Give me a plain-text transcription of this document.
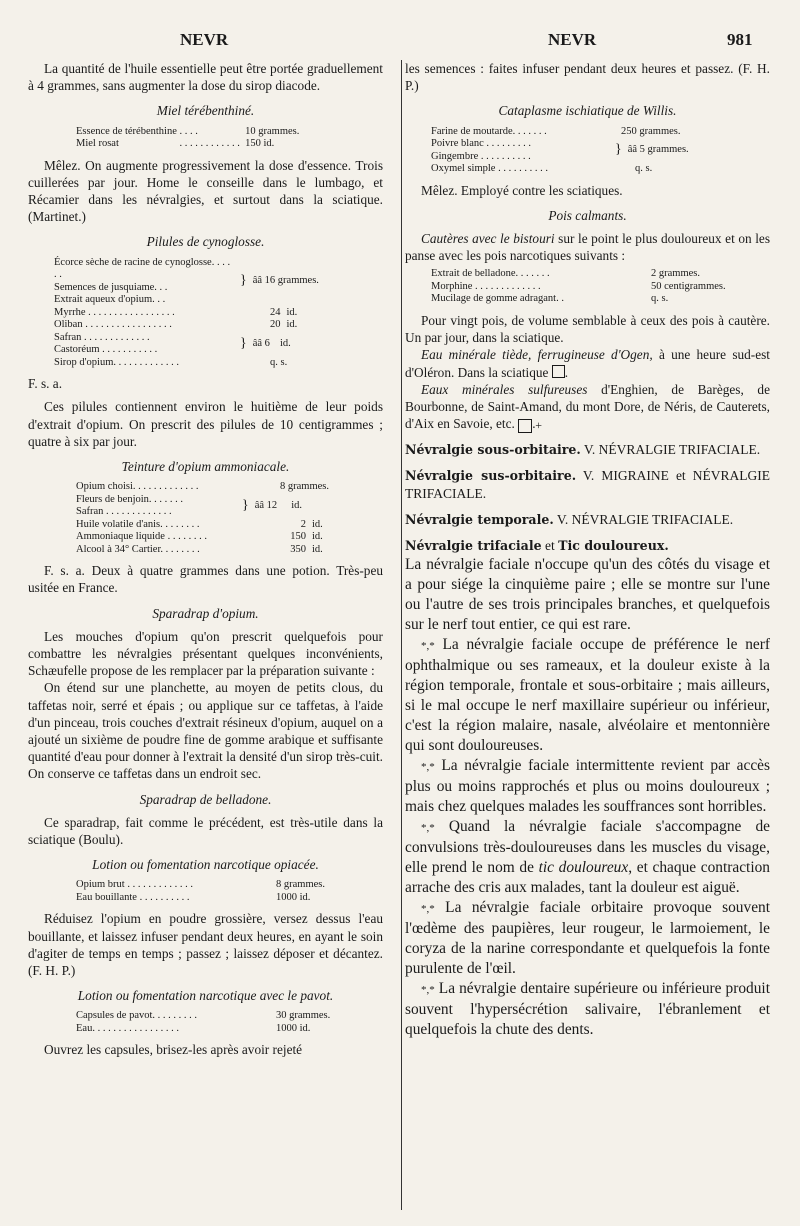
NEVR	NEVR	981

La quantité de l'huile essentielle peut être portée graduellement à 4 grammes, sans augmenter la dose du sirop diacode.

Miel térébenthiné.
Essence de térébenthine		. . . .		10 grammes.
Miel rosat		. . . . . . . . . . . .		150 id.

Mêlez. On augmente progressivement la dose d'essence. Trois cuillerées par jour. Home le conseille dans le lumbago, et Récamier dans les névralgies, et surtout dans la sciatique. (Martinet.)

Pilules de cynoglosse.
Écorce sèche de racine de cynoglosse. . . . . .
Semences de jusquiame. . .
Extrait aqueux d'opium. . .
	}	ââ 16 grammes.
Myrrhe . . . . . . . . . . . . . . . . .	24	id.
Oliban . . . . . . . . . . . . . . . . .	20	id.
Safran . . . . . . . . . . . . .
Castoréum . . . . . . . . . . .	}	ââ 6	id.
Sirop d'opium. . . . . . . . . . . . .	q. s.

F. s. a.

Ces pilules contiennent environ le huitième de leur poids d'extrait d'opium. On prescrit des pilules de 10 centigrammes ; quatre à six par jour.

Teinture d'opium ammoniacale.
Opium choisi. . . . . . . . . . . . .	8 grammes.
Fleurs de benjoin. . . . . . .
Safran . . . . . . . . . . . . .	}	ââ 12	id.
Huile volatile d'anis. . . . . . . .	2	id.
Ammoniaque liquide . . . . . . . .	150	id.
Alcool à 34° Cartier. . . . . . . .	350	id.

F. s. a. Deux à quatre grammes dans une potion. Très-peu usitée en France.

Sparadrap d'opium.

Les mouches d'opium qu'on prescrit quelquefois pour combattre les névralgies présentant quelques inconvénients, Schæufelle propose de les remplacer par la préparation suivante :

On étend sur une planchette, au moyen de petits clous, du taffetas noir, serré et épais ; ou applique sur ce taffetas, à l'aide d'un pinceau, trois couches d'extrait résineux d'opium, auquel on a ajouté un sixième de poudre fine de gomme arabique et suffisante quantité d'eau pour donner à l'extrait la densité d'un sirop très-cuit. On conserve ce taffetas dans un endroit sec.

Sparadrap de belladone.

Ce sparadrap, fait comme le précédent, est très-utile dans la sciatique (Boulu).

Lotion ou fomentation narcotique opiacée.
Opium brut . . . . . . . . . . . . .	8 grammes.
Eau bouillante . . . . . . . . . .	1000 id.

Réduisez l'opium en poudre grossière, versez dessus l'eau bouillante, et laissez infuser pendant deux heures, en ayant le soin d'agiter de temps en temps ; passez ; laissez déposer et décantez. (F. H. P.)

Lotion ou fomentation narcotique avec le pavot.
Capsules de pavot. . . . . . . . .	30 grammes.
Eau. . . . . . . . . . . . . . . . .	1000 id.

Ouvrez les capsules, brisez-les après avoir rejeté

les semences : faites infuser pendant deux heures et passez. (F. H. P.)

Cataplasme ischiatique de Willis.
Farine de moutarde. . . . . . .	250 grammes.
Poivre blanc . . . . . . . . .
Gingembre . . . . . . . . . .	}	ââ 5 grammes.
Oxymel simple . . . . . . . . . .	q. s.

Mêlez. Employé contre les sciatiques.

Pois calmants.

Cautères avec le bistouri sur le point le plus douloureux et on les panse avec les pois narcotiques suivants :

Extrait de belladone. . . . . . .	2 grammes.
Morphine . . . . . . . . . . . . .	50 centigrammes.
Mucilage de gomme adragant. .	q. s.

Pour vingt pois, de volume semblable à ceux des pois à cautère. Un par jour, dans la sciatique.

Eau minérale tiède, ferrugineuse d'Ogen, à une heure sud-est d'Oléron. Dans la sciatique .

Eaux minérales sulfureuses d'Enghien, de Barèges, de Bourbonne, de Saint-Amand, du mont Dore, de Néris, de Cauterets, d'Aix en Savoie, etc. +.

Névralgie sous-orbitaire. V. NÉVRALGIE TRIFACIALE.

Névralgie sus-orbitaire. V. MIGRAINE et NÉVRALGIE TRIFACIALE.

Névralgie temporale. V. NÉVRALGIE TRIFACIALE.

Névralgie trifaciale et Tic douloureux.

La névralgie faciale n'occupe qu'un des côtés du visage et a pour siége la cinquième paire ; elle se montre sur l'une ou l'autre de ses trois principales branches, et quelquefois sur le nerf tout entier, ce qui est rare.

*,* La névralgie faciale occupe de préférence le nerf ophthalmique ou ses rameaux, et la douleur existe à la région temporale, frontale et sous-orbitaire ; mais ailleurs, si le mal occupe le nerf maxillaire supérieur ou inférieur, c'est la région malaire, nasale, alvéolaire et mentonnière qui sont douloureuses.

*,* La névralgie faciale intermittente revient par accès plus ou moins rapprochés et plus ou moins douloureux ; mais chez quelques malades les souffrances sont horribles.

*,* Quand la névralgie faciale s'accompagne de convulsions très-douloureuses dans les muscles du visage, elle prend le nom de tic douloureux, et chaque contraction arrache des cris aux malades, tant la douleur est aiguë.

*,* La névralgie faciale orbitaire provoque souvent l'œdème des paupières, leur rougeur, le larmoiement, le coryza de la narine correspondante et quelquefois la fonte purulente de l'œil.

*,* La névralgie dentaire supérieure ou inférieure produit souvent l'hypersécrétion salivaire, l'ébranlement et quelquefois la chute des dents.
